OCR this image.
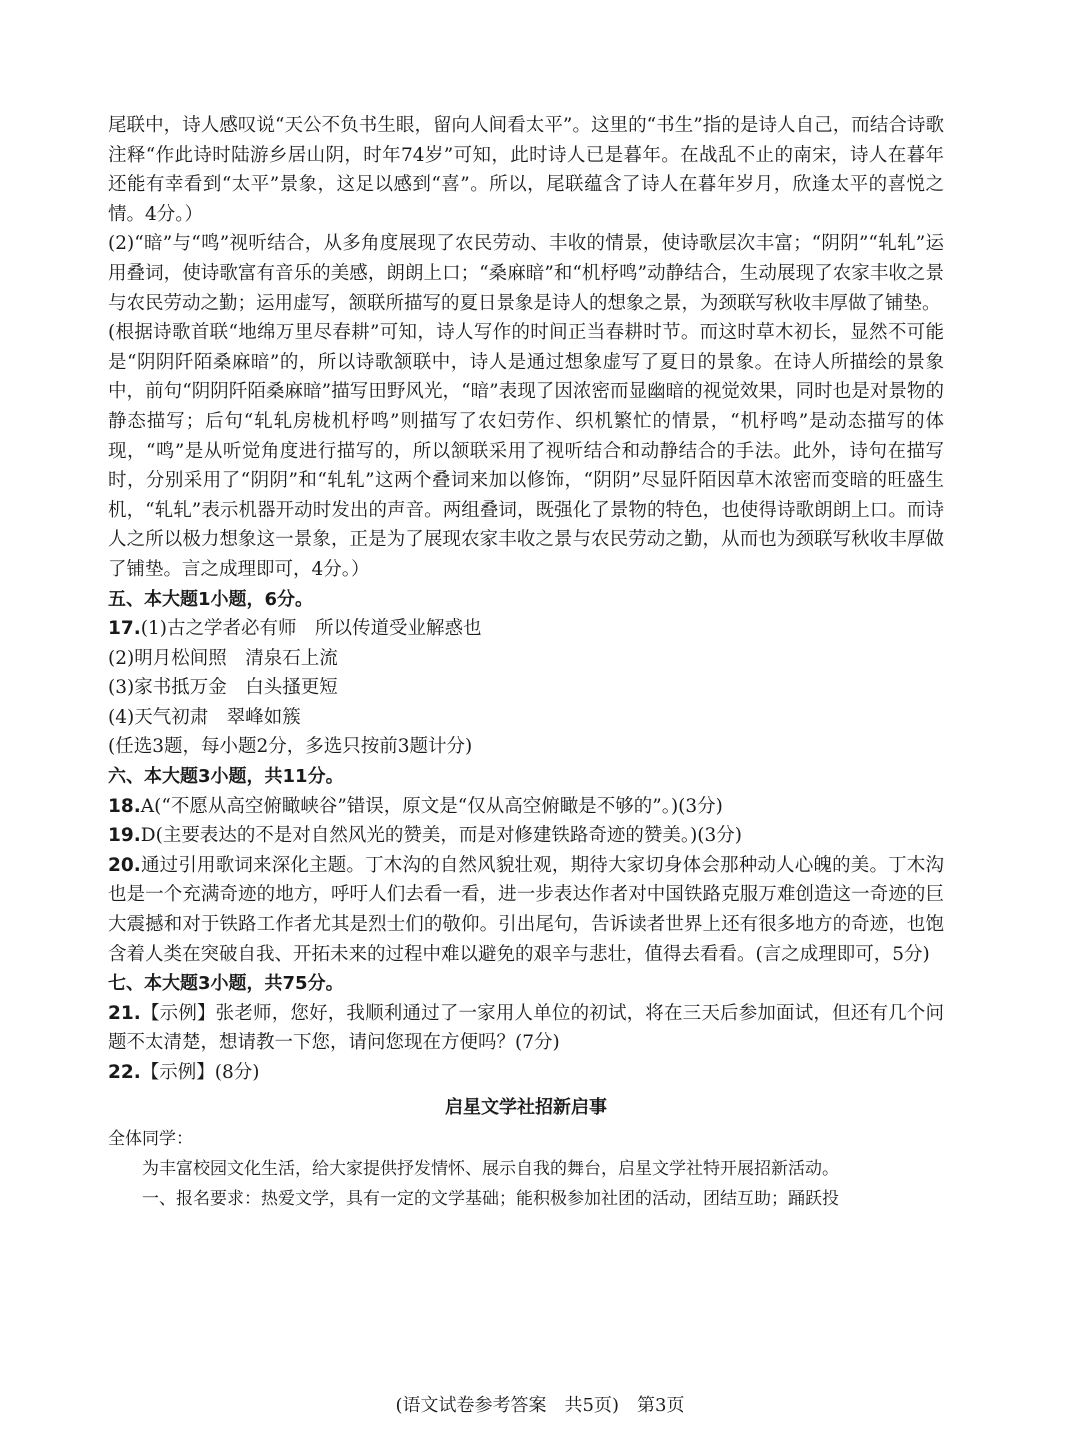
尾联中，诗人感叹说“天公不负书生眼，留向人间看太平”。这里的“书生”指的是诗人自己，而结合诗歌注释“作此诗时陆游乡居山阴，时年74岁”可知，此时诗人已是暮年。在战乱不止的南宋，诗人在暮年还能有幸看到“太平”景象，这足以感到“喜”。所以，尾联蕴含了诗人在暮年岁月，欣逢太平的喜悦之情。4分。）

(2)“暗”与“鸣”视听结合，从多角度展现了农民劳动、丰收的情景，使诗歌层次丰富；“阴阴”“轧轧”运用叠词，使诗歌富有音乐的美感，朗朗上口；“桑麻暗”和“机杼鸣”动静结合，生动展现了农家丰收之景与农民劳动之勤；运用虚写，颔联所描写的夏日景象是诗人的想象之景，为颈联写秋收丰厚做了铺垫。

(根据诗歌首联“地绵万里尽春耕”可知，诗人写作的时间正当春耕时节。而这时草木初长，显然不可能是“阴阴阡陌桑麻暗”的，所以诗歌颔联中，诗人是通过想象虚写了夏日的景象。在诗人所描绘的景象中，前句“阴阴阡陌桑麻暗”描写田野风光，“暗”表现了因浓密而显幽暗的视觉效果，同时也是对景物的静态描写；后句“轧轧房栊机杼鸣”则描写了农妇劳作、织机繁忙的情景，“机杼鸣”是动态描写的体现，“鸣”是从听觉角度进行描写的，所以颔联采用了视听结合和动静结合的手法。此外，诗句在描写时，分别采用了“阴阴”和“轧轧”这两个叠词来加以修饰，“阴阴”尽显阡陌因草木浓密而变暗的旺盛生机，“轧轧”表示机器开动时发出的声音。两组叠词，既强化了景物的特色，也使得诗歌朗朗上口。而诗人之所以极力想象这一景象，正是为了展现农家丰收之景与农民劳动之勤，从而也为颈联写秋收丰厚做了铺垫。言之成理即可，4分。）

五、本大题1小题，6分。

17.(1)古之学者必有师　所以传道受业解惑也

(2)明月松间照　清泉石上流

(3)家书抵万金　白头搔更短

(4)天气初肃　翠峰如簇

(任选3题，每小题2分，多选只按前3题计分)

六、本大题3小题，共11分。

18.A(“不愿从高空俯瞰峡谷”错误，原文是“仅从高空俯瞰是不够的”。)(3分)

19.D(主要表达的不是对自然风光的赞美，而是对修建铁路奇迹的赞美。)(3分)

20.通过引用歌词来深化主题。丁木沟的自然风貌壮观，期待大家切身体会那种动人心魄的美。丁木沟也是一个充满奇迹的地方，呼吁人们去看一看，进一步表达作者对中国铁路克服万难创造这一奇迹的巨大震撼和对于铁路工作者尤其是烈士们的敬仰。引出尾句，告诉读者世界上还有很多地方的奇迹，也饱含着人类在突破自我、开拓未来的过程中难以避免的艰辛与悲壮，值得去看看。(言之成理即可，5分)

七、本大题3小题，共75分。

21.【示例】张老师，您好，我顺利通过了一家用人单位的初试，将在三天后参加面试，但还有几个问题不太清楚，想请教一下您，请问您现在方便吗？(7分)

22.【示例】(8分)

启星文学社招新启事

全体同学：

为丰富校园文化生活，给大家提供抒发情怀、展示自我的舞台，启星文学社特开展招新活动。

一、报名要求：热爱文学，具有一定的文学基础；能积极参加社团的活动，团结互助；踊跃投

(语文试卷参考答案　共5页)　第3页
